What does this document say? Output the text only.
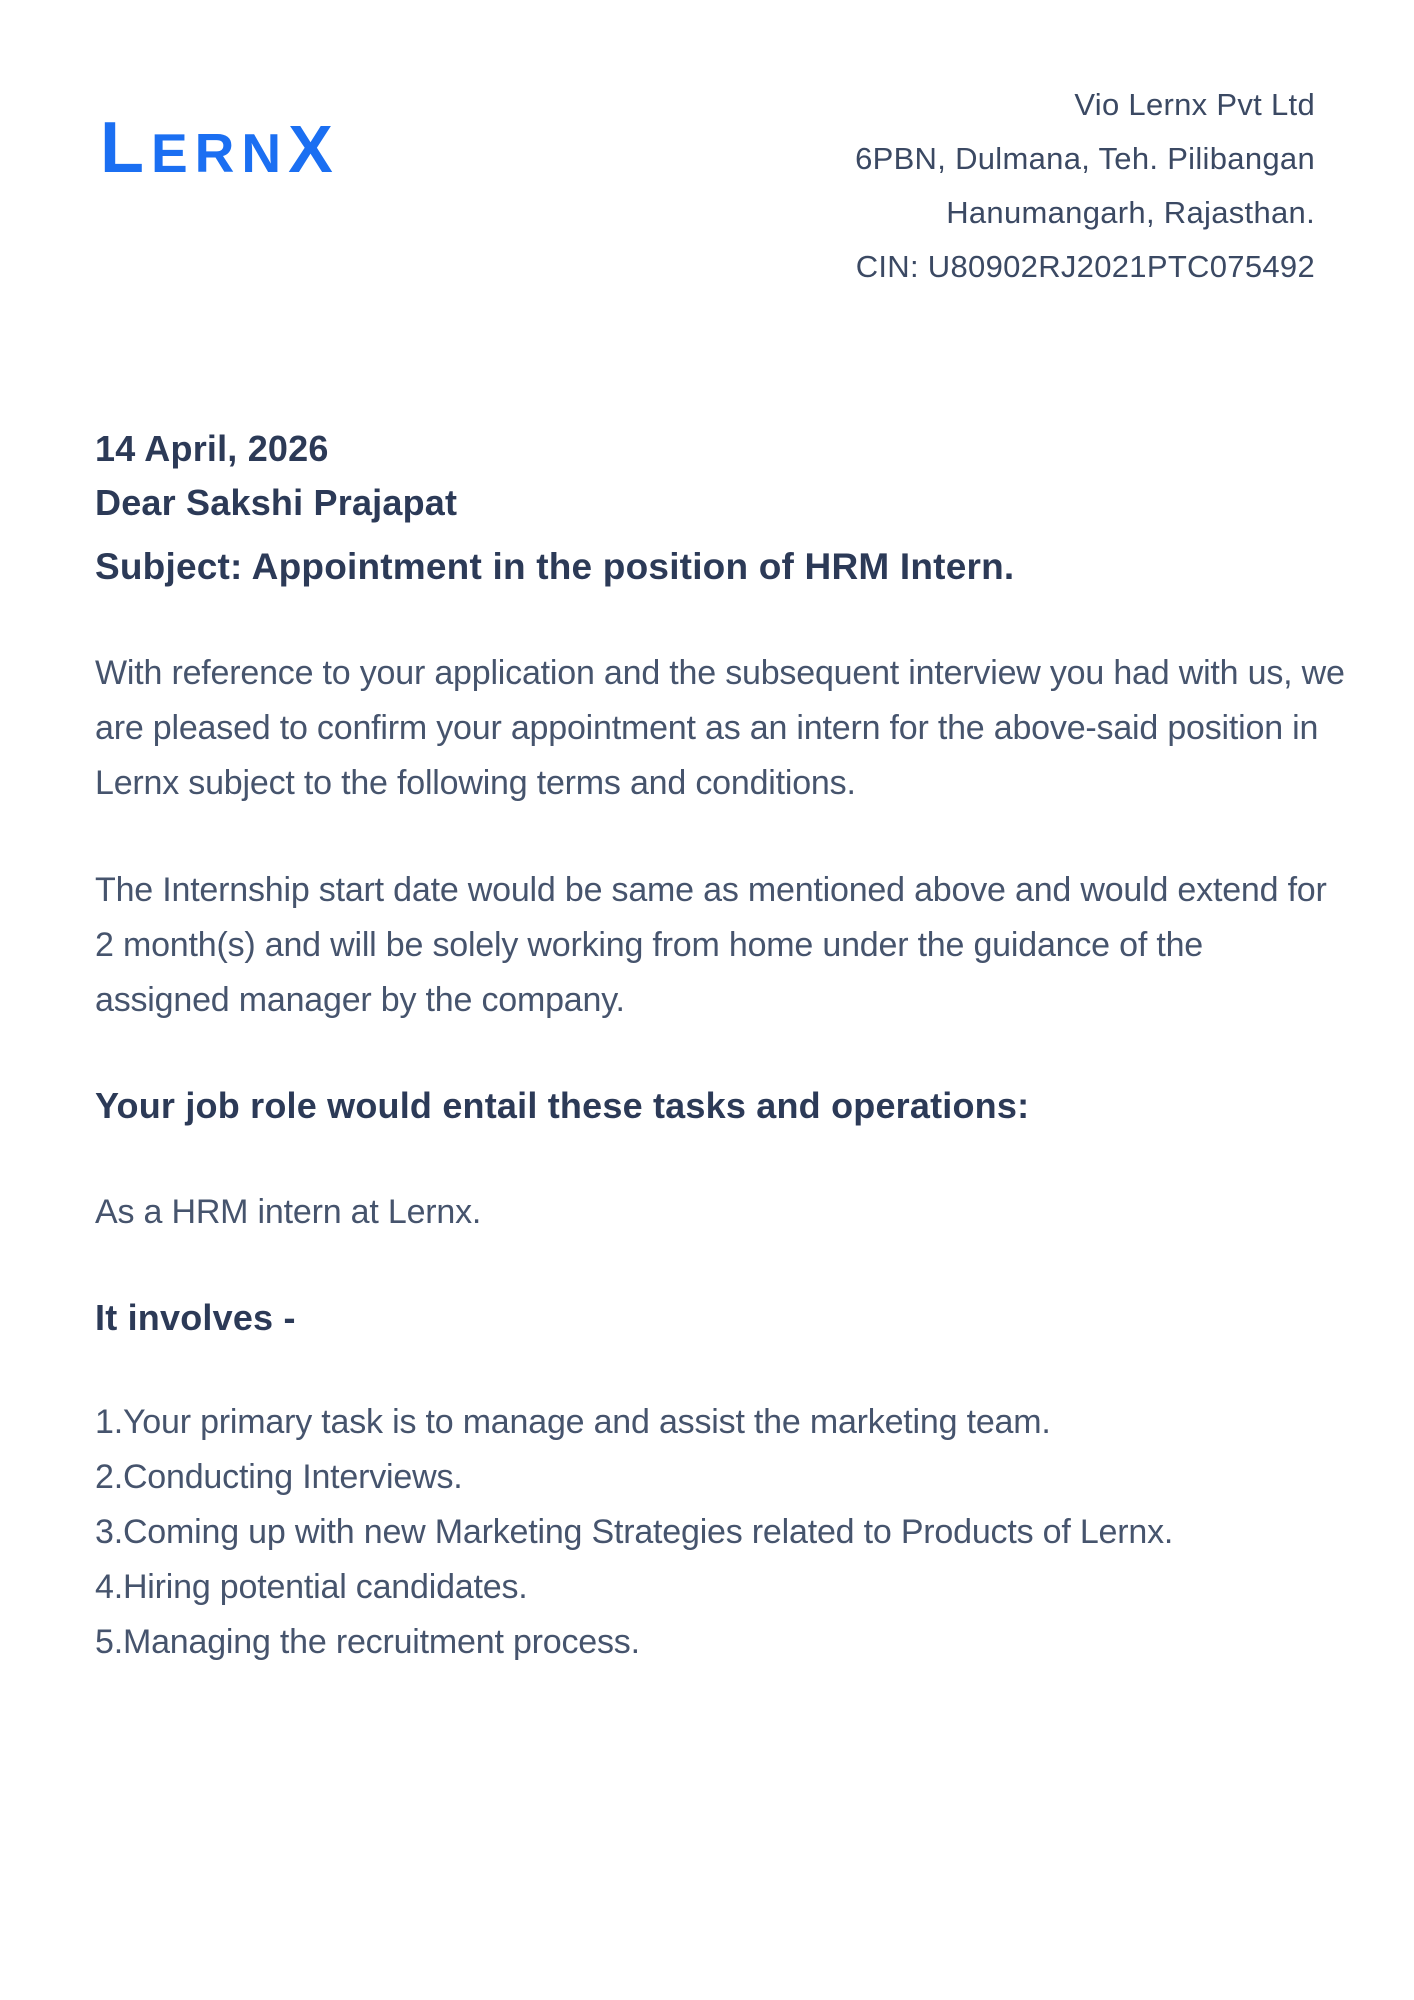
L ERN X
Vio Lernx Pvt Ltd
6PBN, Dulmana, Teh. Pilibangan
Hanumangarh, Rajasthan.
CIN: U80902RJ2021PTC075492

14 April, 2026

Dear Sakshi Prajapat

Subject: Appointment in the position of HRM Intern.

With reference to your application and the subsequent interview you had with us, we are pleased to confirm your appointment as an intern for the above-said position in Lernx subject to the following terms and conditions.

The Internship start date would be same as mentioned above and would extend for 2 month(s) and will be solely working from home under the guidance of the assigned manager by the company.

Your job role would entail these tasks and operations:

As a HRM intern at Lernx.

It involves -

1.Your primary task is to manage and assist the marketing team.

2.Conducting Interviews.

3.Coming up with new Marketing Strategies related to Products of Lernx.

4.Hiring potential candidates.

5.Managing the recruitment process.
